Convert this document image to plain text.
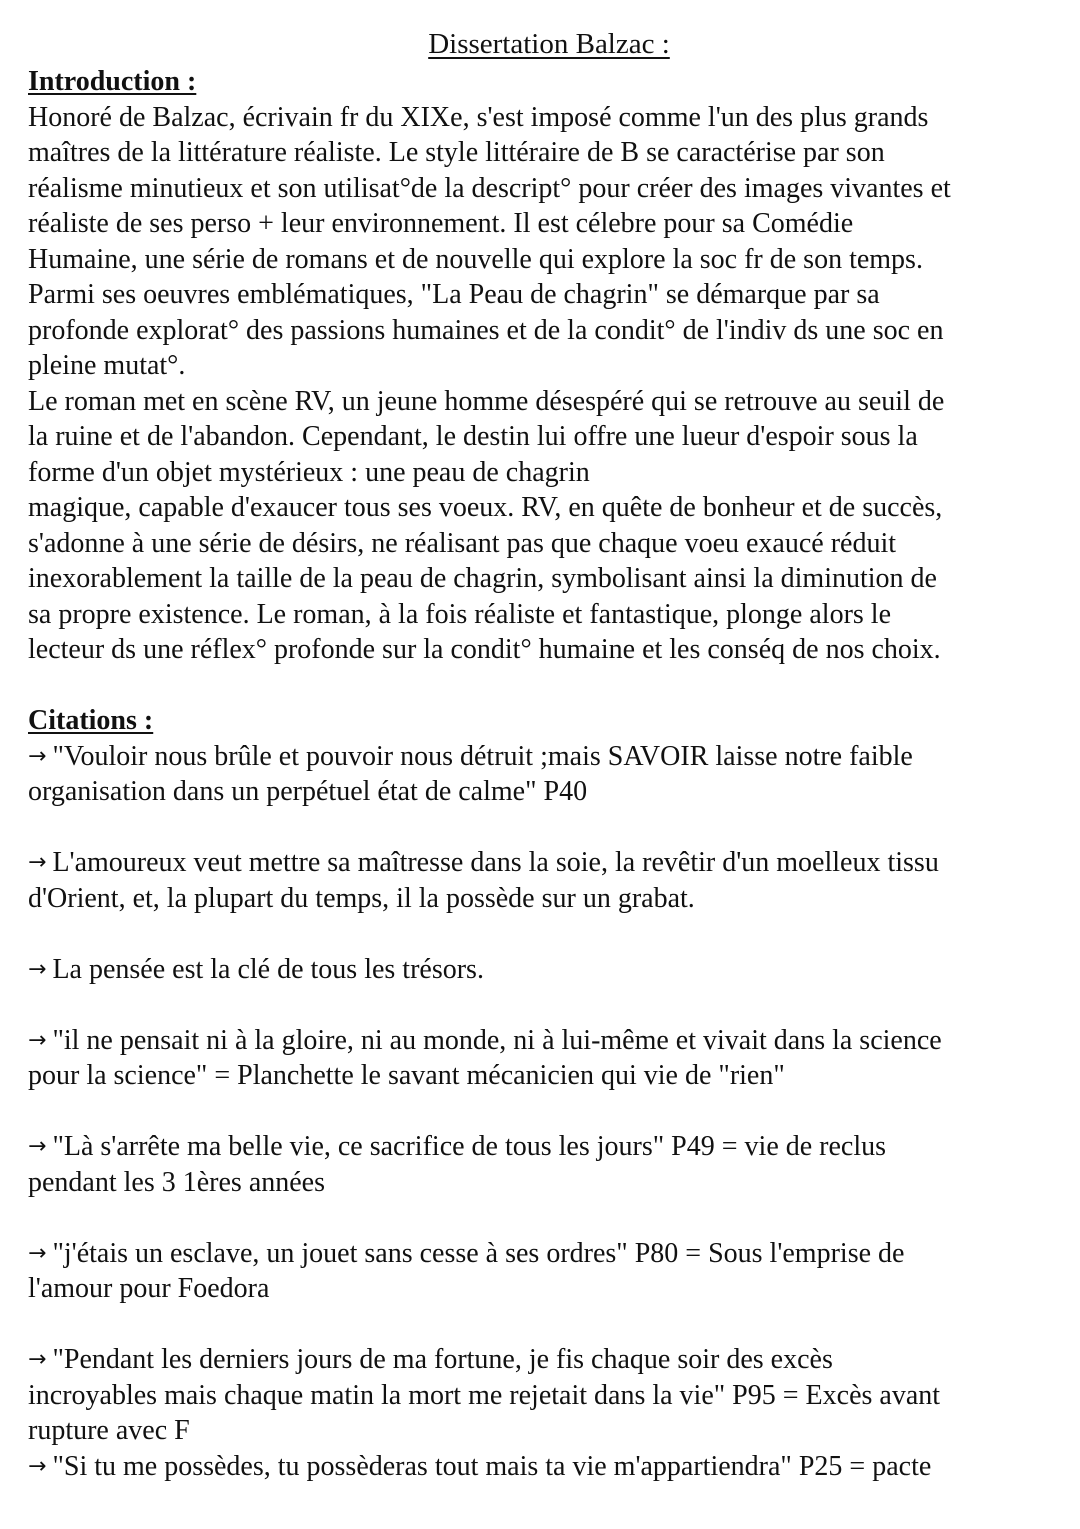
Dissertation Balzac :
Introduction :
Honoré de Balzac, écrivain fr du XIXe, s'est imposé comme l'un des plus grands
maîtres de la littérature réaliste. Le style littéraire de B se caractérise par son
réalisme minutieux et son utilisat°de la descript° pour créer des images vivantes et
réaliste de ses perso + leur environnement. Il est célebre pour sa Comédie
Humaine, une série de romans et de nouvelle qui explore la soc fr de son temps.
Parmi ses oeuvres emblématiques, "La Peau de chagrin" se démarque par sa
profonde explorat° des passions humaines et de la condit° de l'indiv ds une soc en
pleine mutat°.
Le roman met en scène RV, un jeune homme désespéré qui se retrouve au seuil de
la ruine et de l'abandon. Cependant, le destin lui offre une lueur d'espoir sous la
forme d'un objet mystérieux : une peau de chagrin
magique, capable d'exaucer tous ses voeux. RV, en quête de bonheur et de succès,
s'adonne à une série de désirs, ne réalisant pas que chaque voeu exaucé réduit
inexorablement la taille de la peau de chagrin, symbolisant ainsi la diminution de
sa propre existence. Le roman, à la fois réaliste et fantastique, plonge alors le
lecteur ds une réflex° profonde sur la condit° humaine et les conséq de nos choix.
Citations :
→ "Vouloir nous brûle et pouvoir nous détruit ;mais SAVOIR laisse notre faible
organisation dans un perpétuel état de calme" P40
→ L'amoureux veut mettre sa maîtresse dans la soie, la revêtir d'un moelleux tissu
d'Orient, et, la plupart du temps, il la possède sur un grabat.
→ La pensée est la clé de tous les trésors.
→ "il ne pensait ni à la gloire, ni au monde, ni à lui-même et vivait dans la science
pour la science" = Planchette le savant mécanicien qui vie de "rien"
→ "Là s'arrête ma belle vie, ce sacrifice de tous les jours" P49 = vie de reclus
pendant les 3 1ères années
→ "j'étais un esclave, un jouet sans cesse à ses ordres" P80 = Sous l'emprise de
l'amour pour Foedora
→ "Pendant les derniers jours de ma fortune, je fis chaque soir des excès
incroyables mais chaque matin la mort me rejetait dans la vie" P95 = Excès avant
rupture avec F
→ "Si tu me possèdes, tu possèderas tout mais ta vie m'appartiendra" P25 = pacte
